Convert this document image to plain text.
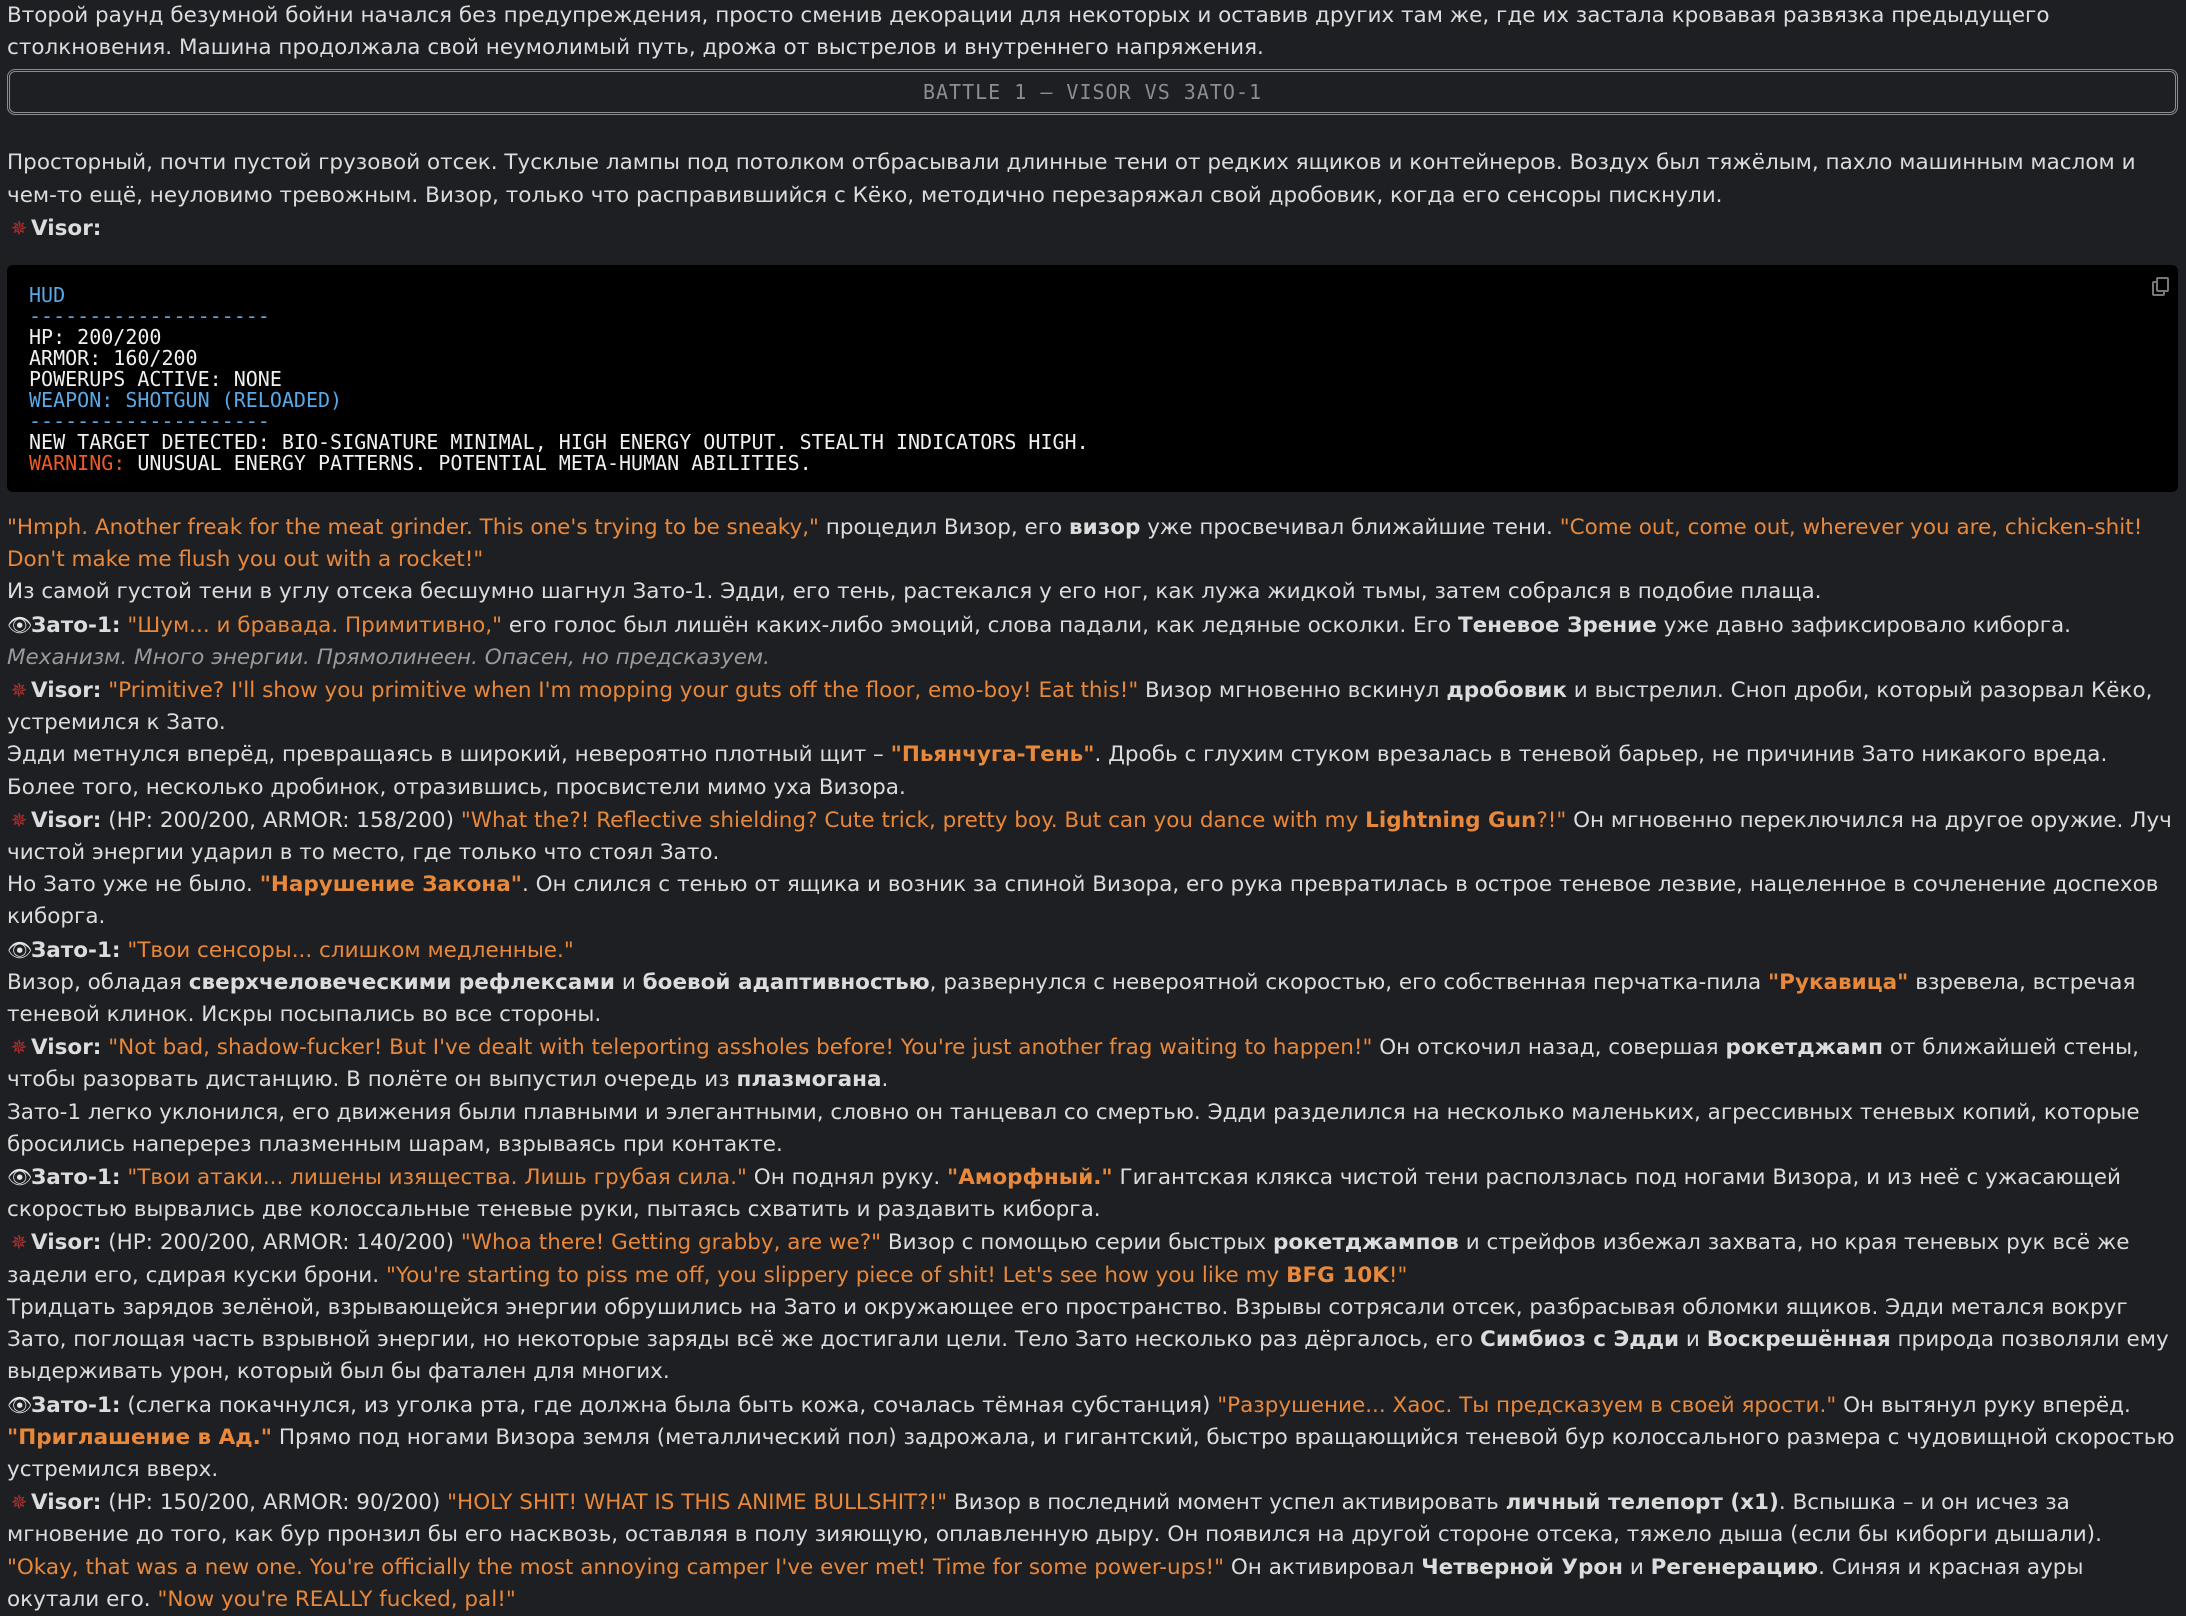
Второй раунд безумной бойни начался без предупреждения, просто сменив декорации для некоторых и оставив других там же, где их застала кровавая развязка предыдущего столкновения. Машина продолжала свой неумолимый путь, дрожа от выстрелов и внутреннего напряжения.

BATTLE 1 – VISOR VS ЗАТО-1

Просторный, почти пустой грузовой отсек. Тусклые лампы под потолком отбрасывали длинные тени от редких ящиков и контейнеров. Воздух был тяжёлым, пахло машинным маслом и чем-то ещё, неуловимо тревожным. Визор, только что расправившийся с Кёко, методично перезаряжал свой дробовик, когда его сенсоры пискнули.

✵ Visor:

HUD
--------------------
HP: 200/200
ARMOR: 160/200
POWERUPS ACTIVE: NONE
WEAPON: SHOTGUN (RELOADED)
--------------------
NEW TARGET DETECTED: BIO-SIGNATURE MINIMAL, HIGH ENERGY OUTPUT. STEALTH INDICATORS HIGH.
WARNING: UNUSUAL ENERGY PATTERNS. POTENTIAL META-HUMAN ABILITIES.

"Hmph. Another freak for the meat grinder. This one's trying to be sneaky," процедил Визор, его визор уже просвечивал ближайшие тени. "Come out, come out, wherever you are, chicken-shit! Don't make me flush you out with a rocket!"

Из самой густой тени в углу отсека бесшумно шагнул Зато-1. Эдди, его тень, растекался у его ног, как лужа жидкой тьмы, затем собрался в подобие плаща.

👁Зато-1: "Шум... и бравада. Примитивно," его голос был лишён каких-либо эмоций, слова падали, как ледяные осколки. Его Теневое Зрение уже давно зафиксировало киборга. Механизм. Много энергии. Прямолинеен. Опасен, но предсказуем.

✵ Visor: "Primitive? I'll show you primitive when I'm mopping your guts off the floor, emo-boy! Eat this!" Визор мгновенно вскинул дробовик и выстрелил. Сноп дроби, который разорвал Кёко, устремился к Зато.

Эдди метнулся вперёд, превращаясь в широкий, невероятно плотный щит – "Пьянчуга-Тень". Дробь с глухим стуком врезалась в теневой барьер, не причинив Зато никакого вреда. Более того, несколько дробинок, отразившись, просвистели мимо уха Визора.

✵ Visor: (HP: 200/200, ARMOR: 158/200) "What the?! Reflective shielding? Cute trick, pretty boy. But can you dance with my Lightning Gun?!" Он мгновенно переключился на другое оружие. Луч чистой энергии ударил в то место, где только что стоял Зато.

Но Зато уже не было. "Нарушение Закона". Он слился с тенью от ящика и возник за спиной Визора, его рука превратилась в острое теневое лезвие, нацеленное в сочленение доспехов киборга.

👁Зато-1: "Твои сенсоры... слишком медленные."

Визор, обладая сверхчеловеческими рефлексами и боевой адаптивностью, развернулся с невероятной скоростью, его собственная перчатка-пила "Рукавица" взревела, встречая теневой клинок. Искры посыпались во все стороны.

✵ Visor: "Not bad, shadow-fucker! But I've dealt with teleporting assholes before! You're just another frag waiting to happen!" Он отскочил назад, совершая рокетджамп от ближайшей стены, чтобы разорвать дистанцию. В полёте он выпустил очередь из плазмогана.

Зато-1 легко уклонился, его движения были плавными и элегантными, словно он танцевал со смертью. Эдди разделился на несколько маленьких, агрессивных теневых копий, которые бросились наперерез плазменным шарам, взрываясь при контакте.

👁Зато-1: "Твои атаки... лишены изящества. Лишь грубая сила." Он поднял руку. "Аморфный." Гигантская клякса чистой тени расползлась под ногами Визора, и из неё с ужасающей скоростью вырвались две колоссальные теневые руки, пытаясь схватить и раздавить киборга.

✵ Visor: (HP: 200/200, ARMOR: 140/200) "Whoa there! Getting grabby, are we?" Визор с помощью серии быстрых рокетджампов и стрейфов избежал захвата, но края теневых рук всё же задели его, сдирая куски брони. "You're starting to piss me off, you slippery piece of shit! Let's see how you like my BFG 10K!"

Тридцать зарядов зелёной, взрывающейся энергии обрушились на Зато и окружающее его пространство. Взрывы сотрясали отсек, разбрасывая обломки ящиков. Эдди метался вокруг Зато, поглощая часть взрывной энергии, но некоторые заряды всё же достигали цели. Тело Зато несколько раз дёргалось, его Симбиоз с Эдди и Воскрешённая природа позволяли ему выдерживать урон, который был бы фатален для многих.

👁Зато-1: (слегка покачнулся, из уголка рта, где должна была быть кожа, сочалась тёмная субстанция) "Разрушение... Хаос. Ты предсказуем в своей ярости." Он вытянул руку вперёд. "Приглашение в Ад." Прямо под ногами Визора земля (металлический пол) задрожала, и гигантский, быстро вращающийся теневой бур колоссального размера с чудовищной скоростью устремился вверх.

✵ Visor: (HP: 150/200, ARMOR: 90/200) "HOLY SHIT! WHAT IS THIS ANIME BULLSHIT?!" Визор в последний момент успел активировать личный телепорт (x1). Вспышка – и он исчез за мгновение до того, как бур пронзил бы его насквозь, оставляя в полу зияющую, оплавленную дыру. Он появился на другой стороне отсека, тяжело дыша (если бы киборги дышали). "Okay, that was a new one. You're officially the most annoying camper I've ever met! Time for some power-ups!" Он активировал Четверной Урон и Регенерацию. Синяя и красная ауры окутали его. "Now you're REALLY fucked, pal!"
